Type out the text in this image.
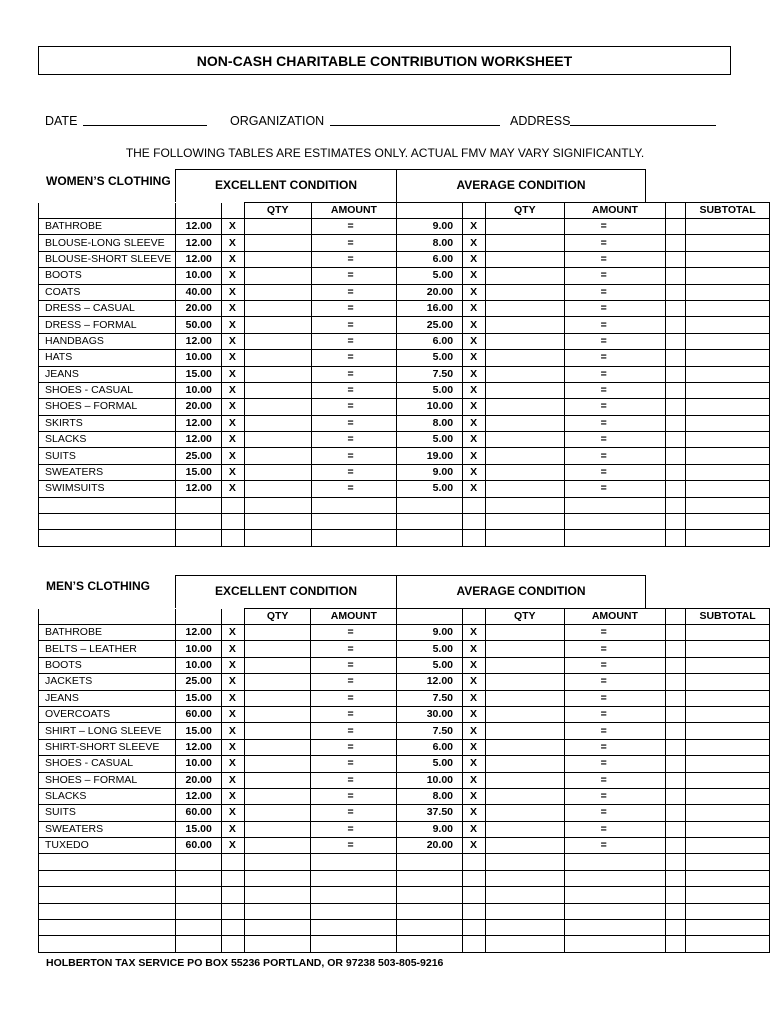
NON-CASH CHARITABLE CONTRIBUTION WORKSHEET
DATE	ORGANIZATION	ADDRESS
THE FOLLOWING TABLES ARE ESTIMATES ONLY. ACTUAL FMV MAY VARY SIGNIFICANTLY.
WOMEN’S CLOTHING	EXCELLENT CONDITION	AVERAGE CONDITION
			QTY	AMOUNT			QTY	AMOUNT		SUBTOTAL
BATHROBE	12.00	X		=	9.00	X		=		
BLOUSE-LONG SLEEVE	12.00	X		=	8.00	X		=		
BLOUSE-SHORT SLEEVE	12.00	X		=	6.00	X		=		
BOOTS	10.00	X		=	5.00	X		=		
COATS	40.00	X		=	20.00	X		=		
DRESS – CASUAL	20.00	X		=	16.00	X		=		
DRESS – FORMAL	50.00	X		=	25.00	X		=		
HANDBAGS	12.00	X		=	6.00	X		=		
HATS	10.00	X		=	5.00	X		=		
JEANS	15.00	X		=	7.50	X		=		
SHOES - CASUAL	10.00	X		=	5.00	X		=		
SHOES – FORMAL	20.00	X		=	10.00	X		=		
SKIRTS	12.00	X		=	8.00	X		=		
SLACKS	12.00	X		=	5.00	X		=		
SUITS	25.00	X		=	19.00	X		=		
SWEATERS	15.00	X		=	9.00	X		=		
SWIMSUITS	12.00	X		=	5.00	X		=		

MEN’S CLOTHING	EXCELLENT CONDITION	AVERAGE CONDITION
			QTY	AMOUNT			QTY	AMOUNT		SUBTOTAL
BATHROBE	12.00	X		=	9.00	X		=		
BELTS – LEATHER	10.00	X		=	5.00	X		=		
BOOTS	10.00	X		=	5.00	X		=		
JACKETS	25.00	X		=	12.00	X		=		
JEANS	15.00	X		=	7.50	X		=		
OVERCOATS	60.00	X		=	30.00	X		=		
SHIRT – LONG SLEEVE	15.00	X		=	7.50	X		=		
SHIRT-SHORT SLEEVE	12.00	X		=	6.00	X		=		
SHOES - CASUAL	10.00	X		=	5.00	X		=		
SHOES – FORMAL	20.00	X		=	10.00	X		=		
SLACKS	12.00	X		=	8.00	X		=		
SUITS	60.00	X		=	37.50	X		=		
SWEATERS	15.00	X		=	9.00	X		=		
TUXEDO	60.00	X		=	20.00	X		=		

HOLBERTON TAX SERVICE PO BOX 55236 PORTLAND, OR 97238 503-805-9216
